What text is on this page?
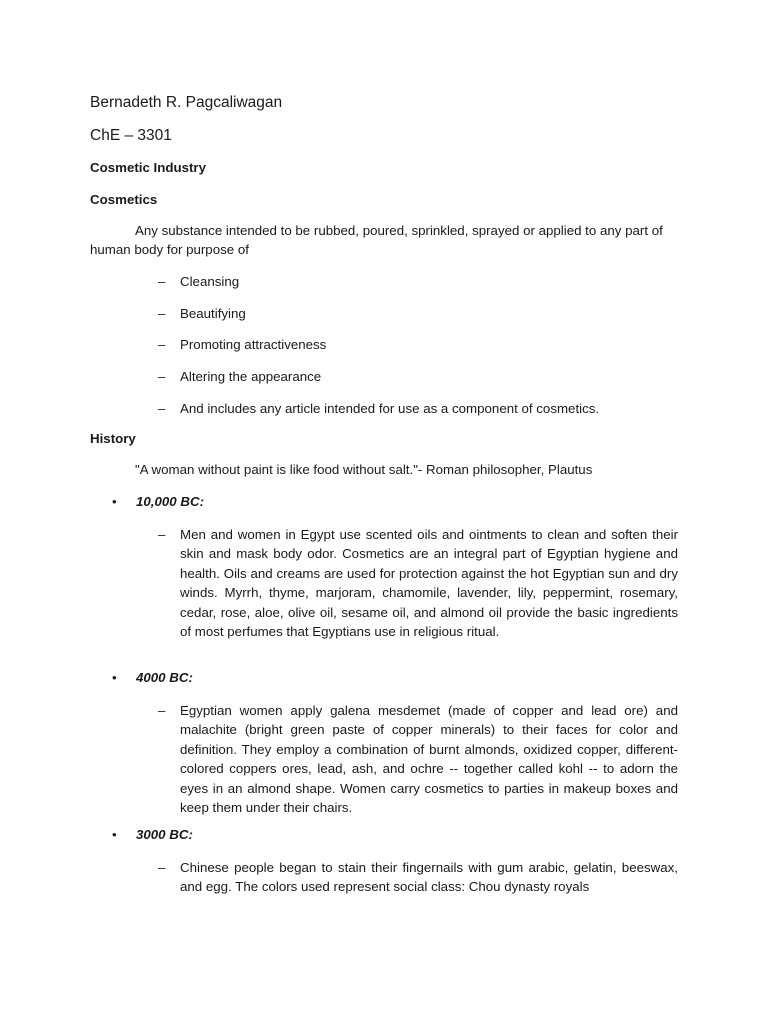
Bernadeth R. Pagcaliwagan

ChE – 3301

Cosmetic Industry

Cosmetics

Any substance intended to be rubbed, poured, sprinkled, sprayed or applied to any part of human body for purpose of

– Cleansing
– Beautifying
– Promoting attractiveness
– Altering the appearance
– And includes any article intended for use as a component of cosmetics.

History

"A woman without paint is like food without salt."- Roman philosopher, Plautus

• 10,000 BC:
– Men and women in Egypt use scented oils and ointments to clean and soften their skin and mask body odor. Cosmetics are an integral part of Egyptian hygiene and health. Oils and creams are used for protection against the hot Egyptian sun and dry winds. Myrrh, thyme, marjoram, chamomile, lavender, lily, peppermint, rosemary, cedar, rose, aloe, olive oil, sesame oil, and almond oil provide the basic ingredients of most perfumes that Egyptians use in religious ritual.
• 4000 BC:
– Egyptian women apply galena mesdemet (made of copper and lead ore) and malachite (bright green paste of copper minerals) to their faces for color and definition. They employ a combination of burnt almonds, oxidized copper, different-colored coppers ores, lead, ash, and ochre -- together called kohl -- to adorn the eyes in an almond shape. Women carry cosmetics to parties in makeup boxes and keep them under their chairs.
• 3000 BC:
– Chinese people began to stain their fingernails with gum arabic, gelatin, beeswax, and egg. The colors used represent social class: Chou dynasty royals
